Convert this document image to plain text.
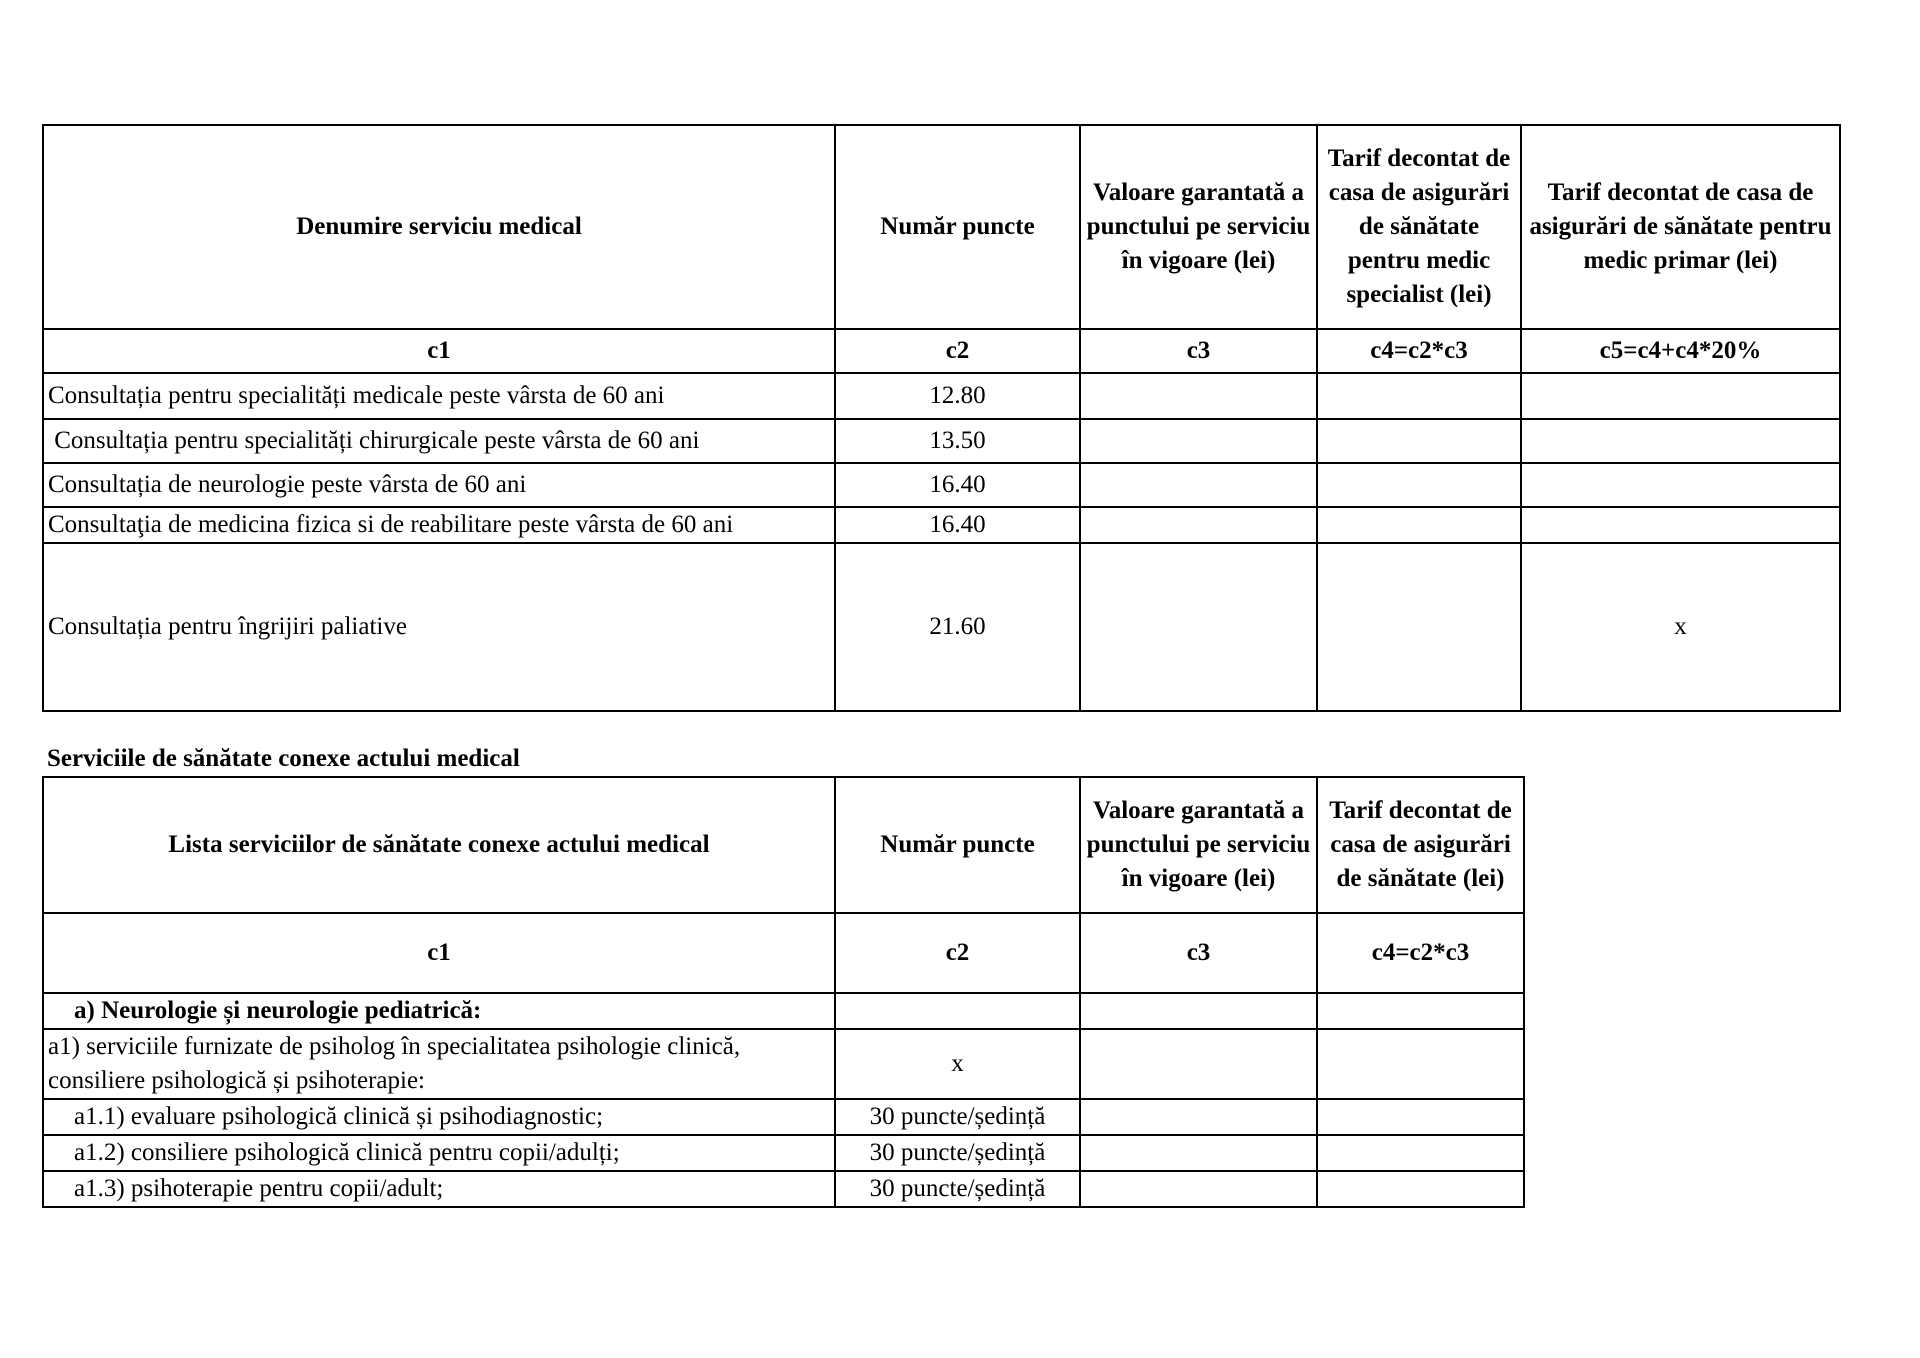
Denumire serviciu medical	Număr puncte	Valoare garantată a punctului pe serviciu în vigoare (lei)	Tarif decontat de casa de asigurări de sănătate pentru medic specialist (lei)	Tarif decontat de casa de asigurări de sănătate pentru medic primar (lei)
c1	c2	c3	c4=c2*c3	c5=c4+c4*20%
Consultația pentru specialități medicale peste vârsta de 60 ani	12.80			
Consultația pentru specialități chirurgicale peste vârsta de 60 ani	13.50			
Consultația de neurologie peste vârsta de 60 ani	16.40			
Consultaţia de medicina fizica si de reabilitare peste vârsta de 60 ani	16.40			
Consultația pentru îngrijiri paliative	21.60			x
Serviciile de sănătate conexe actului medical
Lista serviciilor de sănătate conexe actului medical	Număr puncte	Valoare garantată a punctului pe serviciu în vigoare (lei)	Tarif decontat de casa de asigurări de sănătate (lei)
c1	c2	c3	c4=c2*c3
a) Neurologie și neurologie pediatrică:			
a1) serviciile furnizate de psiholog în specialitatea psihologie clinică, consiliere psihologică și psihoterapie:	x		
a1.1) evaluare psihologică clinică și psihodiagnostic;	30 puncte/ședință		
a1.2) consiliere psihologică clinică pentru copii/adulți;	30 puncte/ședință		
a1.3) psihoterapie pentru copii/adult;	30 puncte/ședință		
